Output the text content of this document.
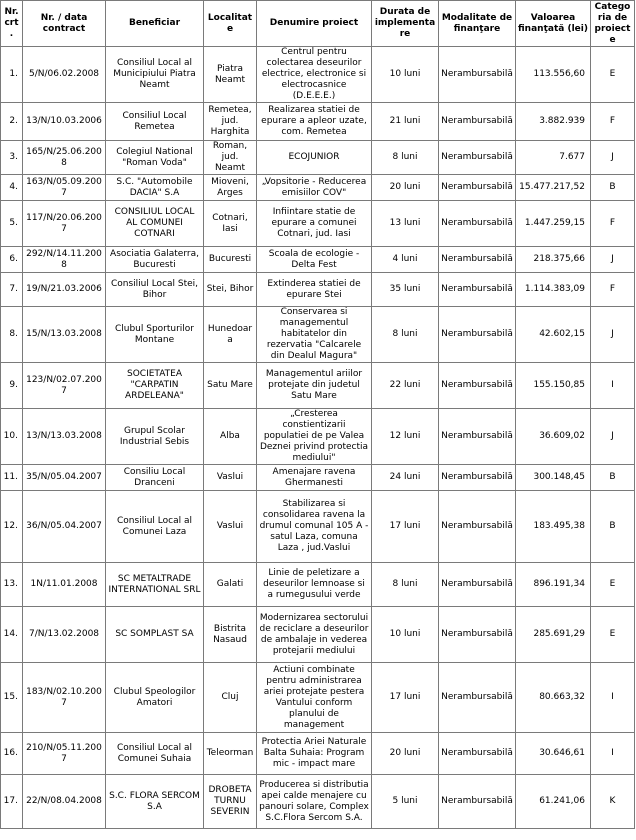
Nr. crt.	Nr. / data contract	Beneficiar	Localitate	Denumire proiect	Durata de implementare	Modalitate de finanţare	Valoarea finanţată (lei)	Categoria de proiecte
1.	5/N/06.02.2008	Consiliul Local al Municipiului Piatra Neamt	Piatra Neamt	Centrul pentru colectarea deseurilor electrice, electronice si electrocasnice (D.E.E.E.)	10 luni	Nerambursabilă	113.556,60	E
2.	13/N/10.03.2006	Consiliul Local Remetea	Remetea, jud. Harghita	Realizarea statiei de epurare a apleor uzate, com. Remetea	21 luni	Nerambursabilă	3.882.939	F
3.	165/N/25.06.2008	Colegiul National "Roman Voda"	Roman, jud. Neamt	ECOJUNIOR	8 luni	Nerambursabilă	7.677	J
4.	163/N/05.09.2007	S.C. "Automobile DACIA" S.A	Mioveni, Arges	„Vopsitorie - Reducerea emisiilor COV"	20 luni	Nerambursabilă	15.477.217,52	B
5.	117/N/20.06.2007	CONSILIUL LOCAL AL COMUNEI COTNARI	Cotnari, Iasi	Infiintare statie de epurare a comunei Cotnari, jud. Iasi	13 luni	Nerambursabilă	1.447.259,15	F
6.	292/N/14.11.2008	Asociatia Galaterra, Bucuresti	Bucuresti	Scoala de ecologie - Delta Fest	4 luni	Nerambursabilă	218.375,66	J
7.	19/N/21.03.2006	Consiliul Local Stei, Bihor	Stei, Bihor	Extinderea statiei de epurare Stei	35 luni	Nerambursabilă	1.114.383,09	F
8.	15/N/13.03.2008	Clubul Sporturilor Montane	Hunedoara	Conservarea si managementul habitatelor din rezervatia "Calcarele din Dealul Magura"	8 luni	Nerambursabilă	42.602,15	J
9.	123/N/02.07.2007	SOCIETATEA "CARPATIN ARDELEANA"	Satu Mare	Managementul ariilor protejate din judetul Satu Mare	22 luni	Nerambursabilă	155.150,85	I
10.	13/N/13.03.2008	Grupul Scolar Industrial Sebis	Alba	„Cresterea constientizarii populatiei de pe Valea Deznei privind protectia mediului"	12 luni	Nerambursabilă	36.609,02	J
11.	35/N/05.04.2007	Consiliu Local Dranceni	Vaslui	Amenajare ravena Ghermanesti	24 luni	Nerambursabilă	300.148,45	B
12.	36/N/05.04.2007	Consiliul Local al Comunei Laza	Vaslui	Stabilizarea si consolidarea ravena la drumul comunal 105 A - satul Laza, comuna Laza , jud.Vaslui	17 luni	Nerambursabilă	183.495,38	B
13.	1N/11.01.2008	SC METALTRADE INTERNATIONAL SRL	Galati	Linie de peletizare a deseurilor lemnoase si a rumegusului verde	8 luni	Nerambursabilă	896.191,34	E
14.	7/N/13.02.2008	SC SOMPLAST SA	Bistrita Nasaud	Modernizarea sectorului de reciclare a deseurilor de ambalaje in vederea protejarii mediului	10 luni	Nerambursabilă	285.691,29	E
15.	183/N/02.10.2007	Clubul Speologilor Amatori	Cluj	Actiuni combinate pentru administrarea ariei protejate pestera Vantului conform planului de management	17 luni	Nerambursabilă	80.663,32	I
16.	210/N/05.11.2007	Consiliul Local al Comunei Suhaia	Teleorman	Protectia Ariei Naturale Balta Suhaia: Program mic - impact mare	20 luni	Nerambursabilă	30.646,61	I
17.	22/N/08.04.2008	S.C. FLORA SERCOM S.A	DROBETA TURNU SEVERIN	Producerea si distributia apei calde menajere cu panouri solare, Complex S.C.Flora Sercom S.A.	5 luni	Nerambursabilă	61.241,06	K
